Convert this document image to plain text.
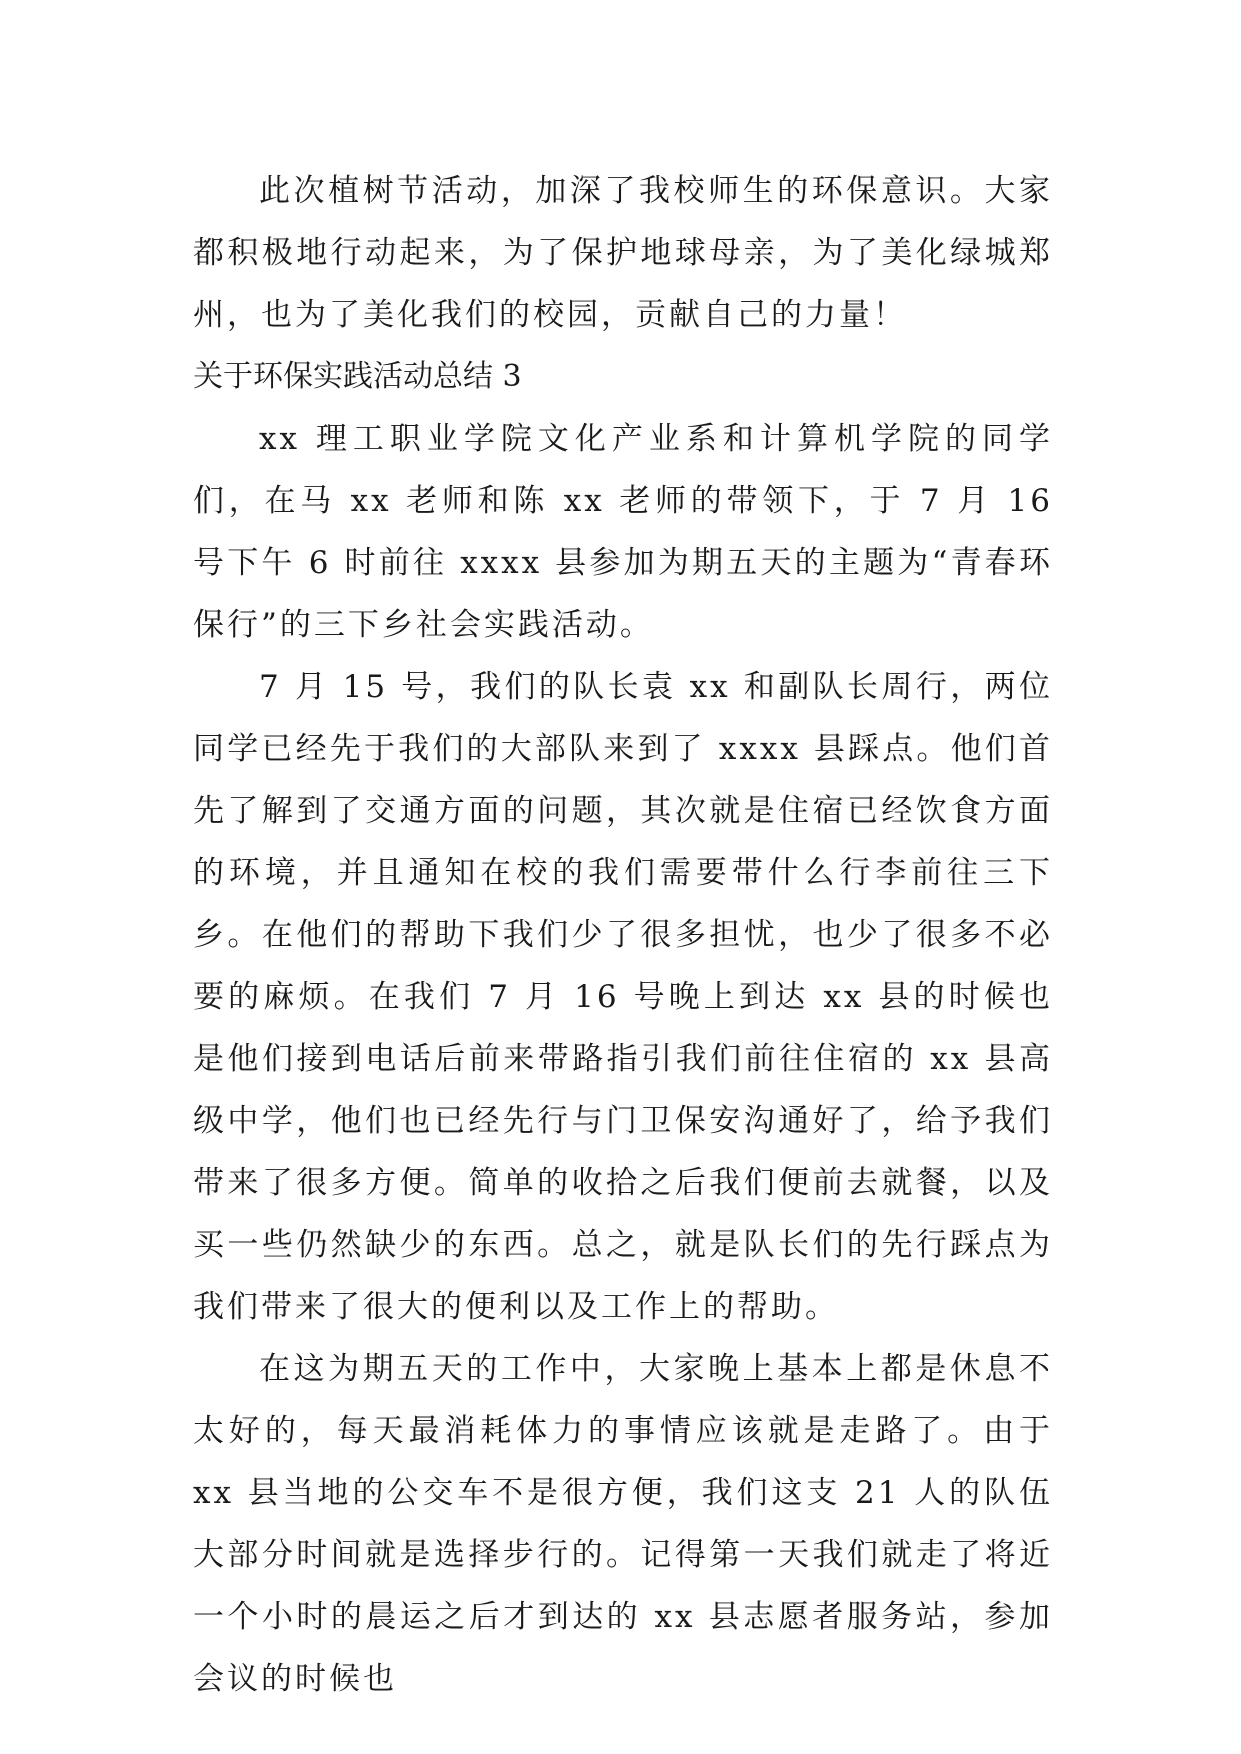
此次植树节活动，加深了我校师生的环保意识。大家都积极地行动起来，为了保护地球母亲，为了美化绿城郑州，也为了美化我们的校园，贡献自己的力量！

关于环保实践活动总结 3

xx 理工职业学院文化产业系和计算机学院的同学们，在马 xx 老师和陈 xx 老师的带领下，于 7 月 16 号下午 6 时前往 xxxx 县参加为期五天的主题为“青春环保行”的三下乡社会实践活动。

7 月 15 号，我们的队长袁 xx 和副队长周行，两位同学已经先于我们的大部队来到了 xxxx 县踩点。他们首先了解到了交通方面的问题，其次就是住宿已经饮食方面的环境，并且通知在校的我们需要带什么行李前往三下乡。在他们的帮助下我们少了很多担忧，也少了很多不必要的麻烦。在我们 7 月 16 号晚上到达 xx 县的时候也是他们接到电话后前来带路指引我们前往住宿的 xx 县高级中学，他们也已经先行与门卫保安沟通好了，给予我们带来了很多方便。简单的收拾之后我们便前去就餐，以及买一些仍然缺少的东西。总之，就是队长们的先行踩点为我们带来了很大的便利以及工作上的帮助。

在这为期五天的工作中，大家晚上基本上都是休息不太好的，每天最消耗体力的事情应该就是走路了。由于 xx 县当地的公交车不是很方便，我们这支 21 人的队伍大部分时间就是选择步行的。记得第一天我们就走了将近一个小时的晨运之后才到达的 xx 县志愿者服务站，参加会议的时候也
